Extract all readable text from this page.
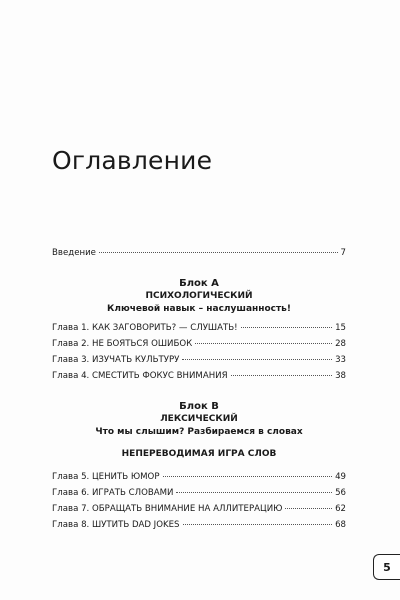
Оглавление
Введение	7
Блок А
ПСИХОЛОГИЧЕСКИЙ
Ключевой навык – наслушанность!
Глава 1. КАК ЗАГОВОРИТЬ? — СЛУШАТЬ!	15
Глава 2. НЕ БОЯТЬСЯ ОШИБОК	28
Глава 3. ИЗУЧАТЬ КУЛЬТУРУ	33
Глава 4. СМЕСТИТЬ ФОКУС ВНИМАНИЯ	38
Блок В
ЛЕКСИЧЕСКИЙ
Что мы слышим? Разбираемся в словах
НЕПЕРЕВОДИМАЯ ИГРА СЛОВ
Глава 5. ЦЕНИТЬ ЮМОР	49
Глава 6. ИГРАТЬ СЛОВАМИ	56
Глава 7. ОБРАЩАТЬ ВНИМАНИЕ НА АЛЛИТЕРАЦИЮ	62
Глава 8. ШУТИТЬ DAD JOKES	68
5
